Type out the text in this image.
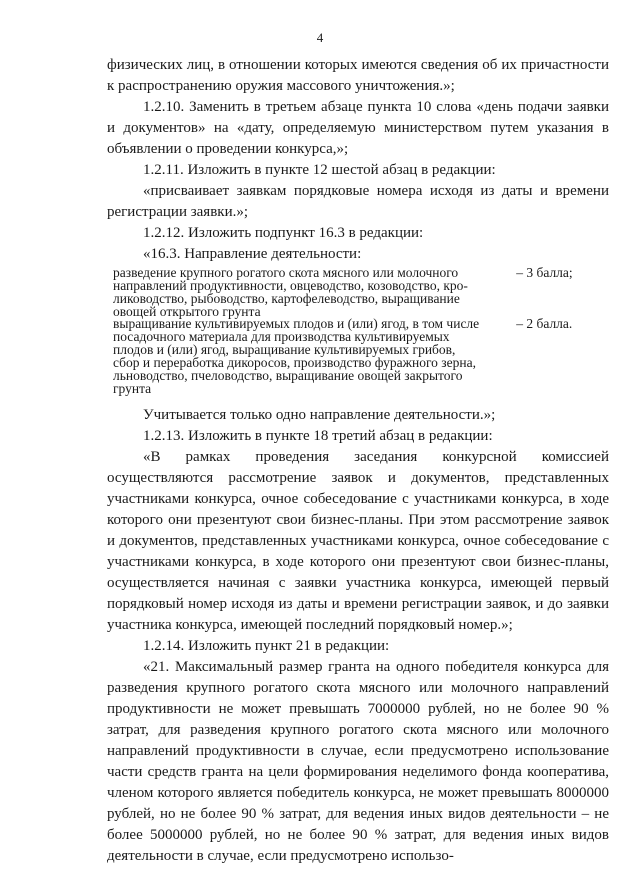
4

физических лиц, в отношении которых имеются сведения об их причастности к распространению оружия массового уничтожения.»;

1.2.10. Заменить в третьем абзаце пункта 10 слова «день подачи заявки и документов» на «дату, определяемую министерством путем указания в объявлении о проведении конкурса,»;

1.2.11. Изложить в пункте 12 шестой абзац в редакции:

«присваивает заявкам порядковые номера исходя из даты и времени регистрации заявки.»;

1.2.12. Изложить подпункт 16.3 в редакции:

«16.3. Направление деятельности:

разведение крупного рогатого скота мясного или молочного
направлений продуктивности, овцеводство, козоводство, кро-
лиководство, рыбоводство, картофелеводство, выращивание
овощей открытого грунта
– 3 балла;
выращивание культивируемых плодов и (или) ягод, в том числе
посадочного материала для производства культивируемых
плодов и (или) ягод, выращивание культивируемых грибов,
сбор и переработка дикоросов, производство фуражного зерна,
льноводство, пчеловодство, выращивание овощей закрытого
грунта
– 2 балла.

Учитывается только одно направление деятельности.»;

1.2.13. Изложить в пункте 18 третий абзац в редакции:

«В рамках проведения заседания конкурсной комиссией осуществляются рассмотрение заявок и документов, представленных участниками конкурса, очное собеседование с участниками конкурса, в ходе которого они презентуют свои бизнес-планы. При этом рассмотрение заявок и документов, представленных участниками конкурса, очное собеседование с участниками конкурса, в ходе которого они презентуют свои бизнес-планы, осуществляется начиная с заявки участника конкурса, имеющей первый порядковый номер исходя из даты и времени регистрации заявок, и до заявки участника конкурса, имеющей последний порядковый номер.»;

1.2.14. Изложить пункт 21 в редакции:

«21. Максимальный размер гранта на одного победителя конкурса для разведения крупного рогатого скота мясного или молочного направлений продуктивности не может превышать 7000000 рублей, но не более 90 % затрат, для разведения крупного рогатого скота мясного или молочного направлений продуктивности в случае, если предусмотрено использование части средств гранта на цели формирования неделимого фонда кооператива, членом которого является победитель конкурса, не может превышать 8000000 рублей, но не более 90 % затрат, для ведения иных видов деятельности – не более 5000000 рублей, но не более 90 % затрат, для ведения иных видов деятельности в случае, если предусмотрено использо-
